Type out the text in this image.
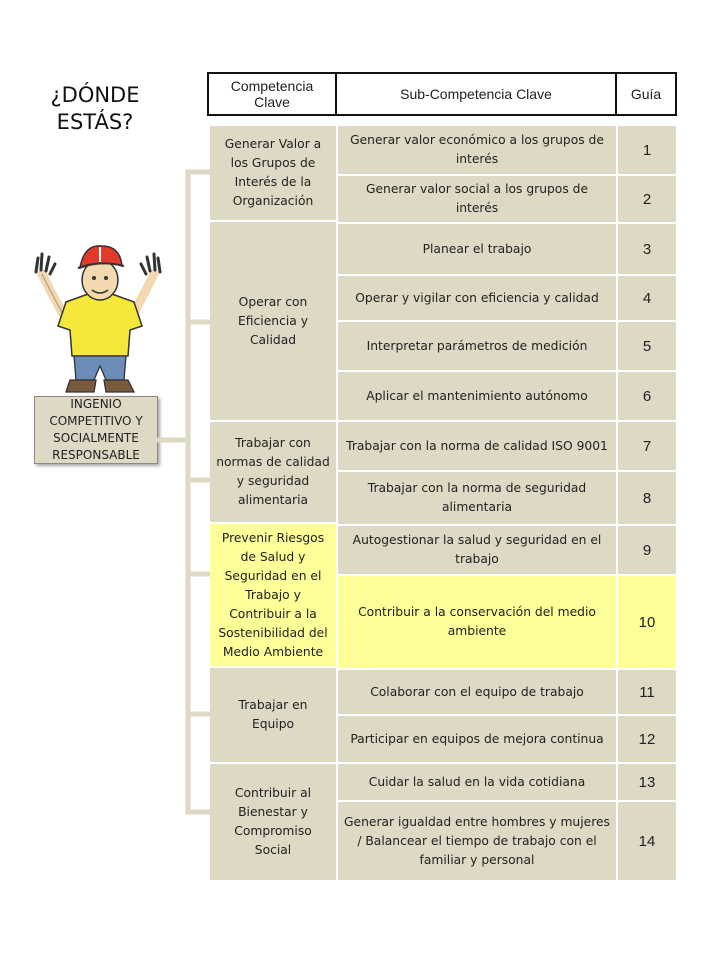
¿DÓNDE ESTÁS?
INGENIO COMPETITIVO Y SOCIALMENTE RESPONSABLE
Competencia Clave	Sub-Competencia Clave	Guía
Generar Valor a los Grupos de Interés de la Organización
Operar con Eficiencia y Calidad
Trabajar con normas de calidad y seguridad alimentaria
Prevenir Riesgos de Salud y Seguridad en el Trabajo y Contribuir a la Sostenibilidad del Medio Ambiente
Trabajar en Equipo
Contribuir al Bienestar y Compromiso Social
Generar valor económico a los grupos de interés
Generar valor social a los grupos de interés
Planear el trabajo
Operar y vigilar con eficiencia y calidad
Interpretar parámetros de medición
Aplicar el mantenimiento autónomo
Trabajar con la norma de calidad ISO 9001
Trabajar con la norma de seguridad alimentaria
Autogestionar la salud y seguridad en el trabajo
Contribuir a la conservación del medio ambiente
Colaborar con el equipo de trabajo
Participar en equipos de mejora continua
Cuidar la salud en la vida cotidiana
Generar igualdad entre hombres y mujeres / Balancear el tiempo de trabajo con el familiar y personal
1
2
3
4
5
6
7
8
9
10
11
12
13
14
